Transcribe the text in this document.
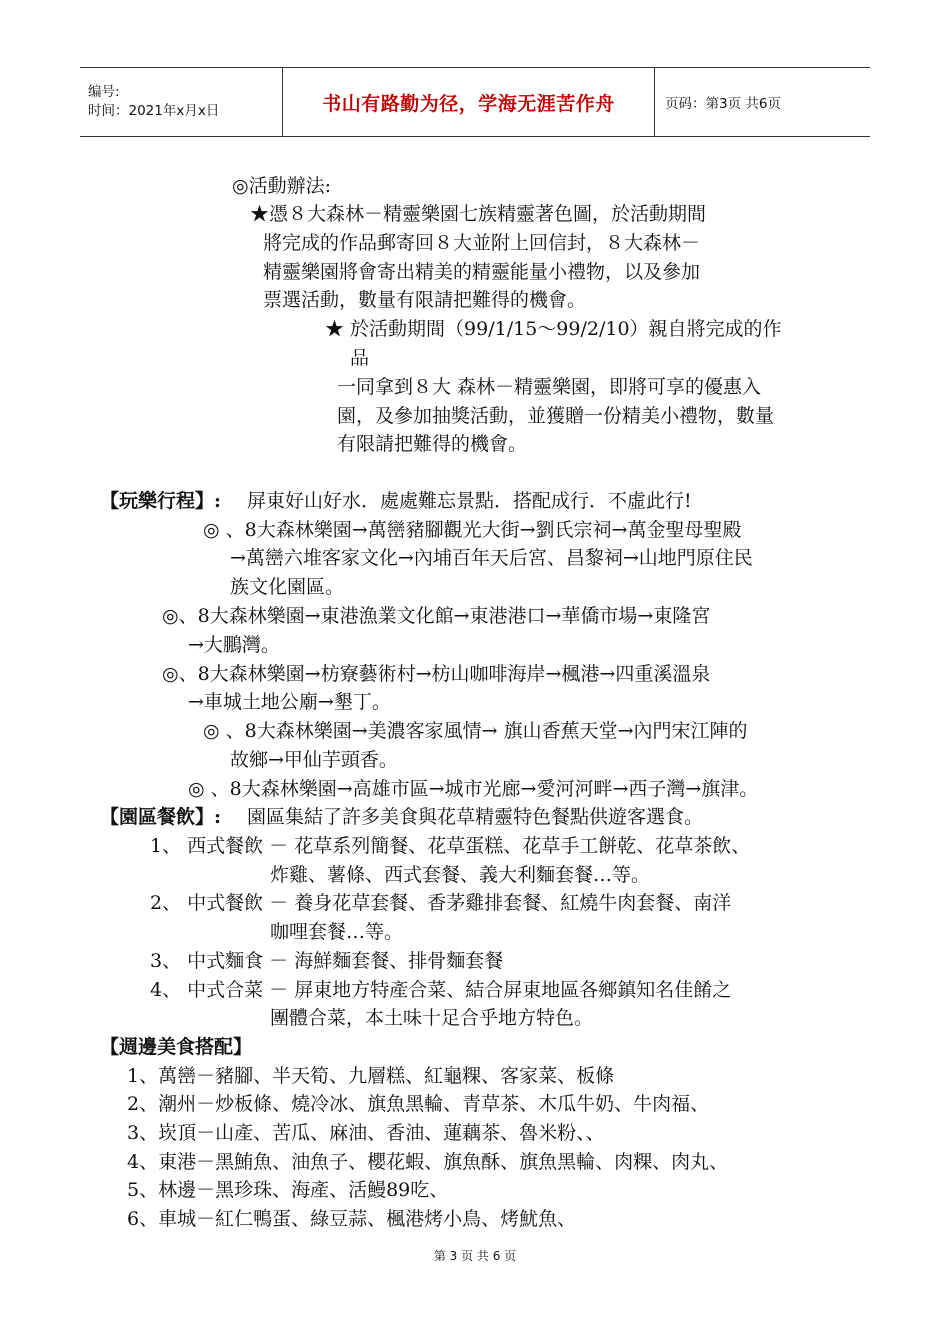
编号:
时间：2021年x月x日	书山有路勤为径，学海无涯苦作舟	页码：第3页 共6页
◎活動辦法:
★憑８大森林－精靈樂園七族精靈著色圖，於活動期間
將完成的作品郵寄回８大並附上回信封，８大森林－
精靈樂園將會寄出精美的精靈能量小禮物，以及參加
票選活動，數量有限請把難得的機會。
★ 於活動期間（99/1/15～99/2/10）親自將完成的作
品
一同拿到８大 森林－精靈樂園，即將可享的優惠入
園，及參加抽獎活動，並獲贈一份精美小禮物，數量
有限請把難得的機會。
【玩樂行程】: 屏東好山好水．處處難忘景點．搭配成行．不虛此行!
◎ 、8大森林樂園→萬巒豬腳觀光大街→劉氏宗祠→萬金聖母聖殿
→萬巒六堆客家文化→內埔百年天后宮、昌黎祠→山地門原住民
族文化園區。
◎、8大森林樂園→東港漁業文化館→東港港口→華僑市場→東隆宮
→大鵬灣。
◎、8大森林樂園→枋寮藝術村→枋山咖啡海岸→楓港→四重溪溫泉
→車城土地公廟→墾丁。
◎ 、8大森林樂園→美濃客家風情→ 旗山香蕉天堂→內門宋江陣的
故鄉→甲仙芋頭香。
◎ 、8大森林樂園→高雄市區→城市光廊→愛河河畔→西子灣→旗津。
【園區餐飲】: 園區集結了許多美食與花草精靈特色餐點供遊客選食。
1、 西式餐飲 － 花草系列簡餐、花草蛋糕、花草手工餅乾、花草茶飲、
炸雞、薯條、西式套餐、義大利麵套餐…等。
2、 中式餐飲 － 養身花草套餐、香茅雞排套餐、紅燒牛肉套餐、南洋
咖哩套餐…等。
3、 中式麵食 － 海鮮麵套餐、排骨麵套餐
4、 中式合菜 － 屏東地方特產合菜、結合屏東地區各鄉鎮知名佳餚之
團體合菜，本土味十足合乎地方特色。
【週邊美食搭配】
1、萬巒－豬腳、半天筍、九層糕、紅龜粿、客家菜、板條
2、潮州－炒板條、燒冷冰、旗魚黑輪、青草茶、木瓜牛奶、牛肉福、
3、崁頂－山產、苦瓜、麻油、香油、蓮藕茶、魯米粉、、
4、東港－黑鮪魚、油魚子、櫻花蝦、旗魚酥、旗魚黑輪、肉粿、肉丸、
5、林邊－黑珍珠、海產、活鰻89吃、
6、車城－紅仁鴨蛋、綠豆蒜、楓港烤小鳥、烤魷魚、
第 3 页 共 6 页
